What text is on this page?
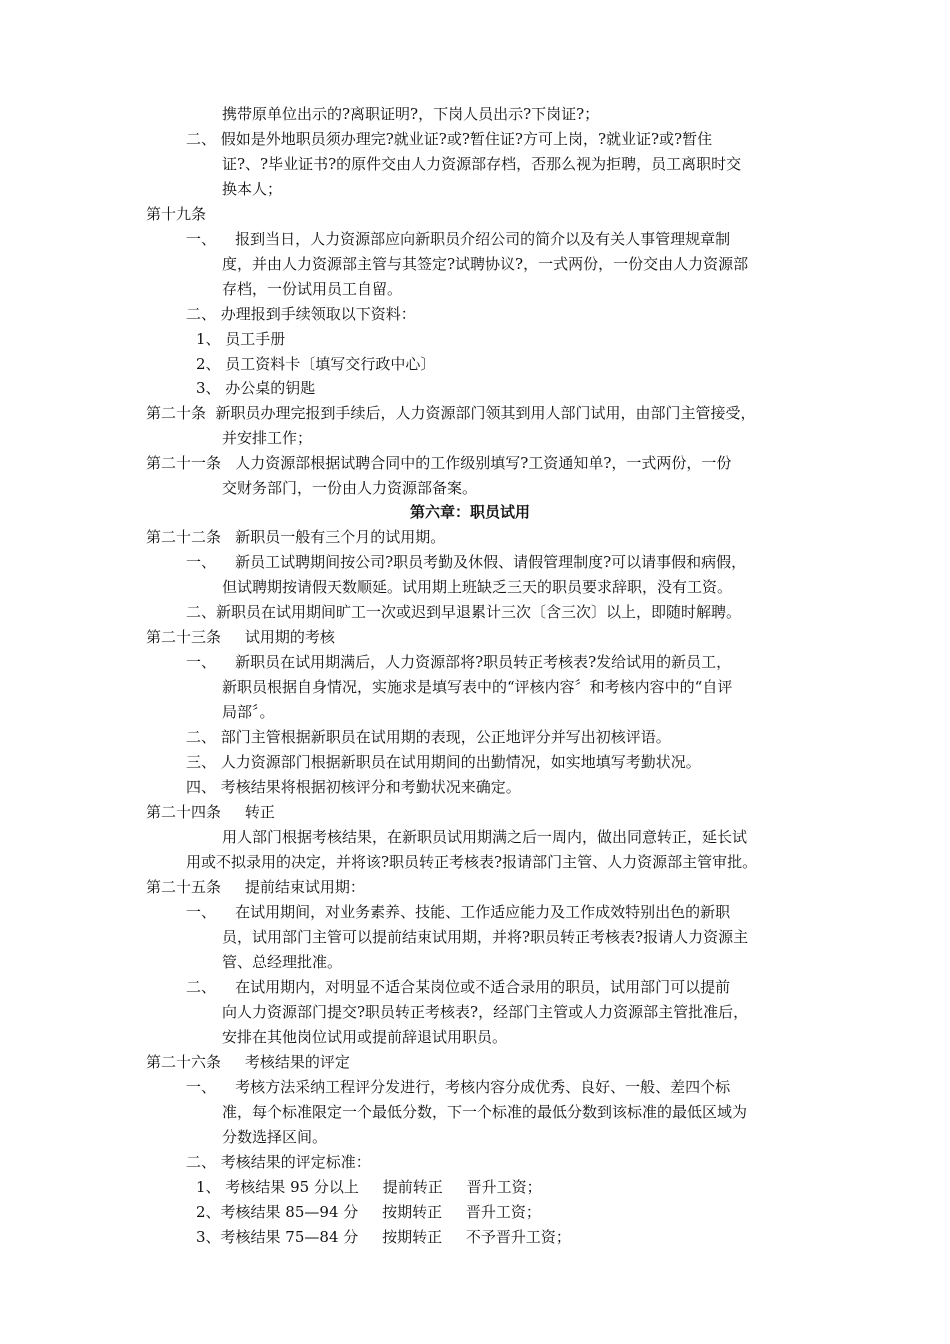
携带原单位出示的?离职证明?，下岗人员出示?下岗证?；
二、 假如是外地职员须办理完?就业证?或?暂住证?方可上岗，?就业证?或?暂住
证?、?毕业证书?的原件交由人力资源部存档，否那么视为拒聘，员工离职时交
换本人；
第十九条
一、    报到当日，人力资源部应向新职员介绍公司的简介以及有关人事管理规章制
度，并由人力资源部主管与其签定?试聘协议?，一式两份，一份交由人力资源部
存档，一份试用员工自留。
二、 办理报到手续领取以下资料：
1、 员工手册
2、 员工资料卡〔填写交行政中心〕
3、 办公桌的钥匙
第二十条  新职员办理完报到手续后，人力资源部门领其到用人部门试用，由部门主管接受，
并安排工作；
第二十一条   人力资源部根据试聘合同中的工作级别填写?工资通知单?，一式两份，一份
交财务部门，一份由人力资源部备案。
第六章：职员试用
第二十二条   新职员一般有三个月的试用期。
一、    新员工试聘期间按公司?职员考勤及休假、请假管理制度?可以请事假和病假，
但试聘期按请假天数顺延。试用期上班缺乏三天的职员要求辞职，没有工资。
二、新职员在试用期间旷工一次或迟到早退累计三次〔含三次〕以上，即随时解聘。
第二十三条     试用期的考核
一、    新职员在试用期满后，人力资源部将?职员转正考核表?发给试用的新员工，
新职员根据自身情况，实施求是填写表中的“评核内容〞和考核内容中的“自评
局部〞。
二、 部门主管根据新职员在试用期的表现，公正地评分并写出初核评语。
三、 人力资源部门根据新职员在试用期间的出勤情况，如实地填写考勤状况。
四、 考核结果将根据初核评分和考勤状况来确定。
第二十四条     转正
用人部门根据考核结果，在新职员试用期满之后一周内，做出同意转正，延长试
用或不拟录用的决定，并将该?职员转正考核表?报请部门主管、人力资源部主管审批。
第二十五条     提前结束试用期：
一、    在试用期间，对业务素养、技能、工作适应能力及工作成效特别出色的新职
员，试用部门主管可以提前结束试用期，并将?职员转正考核表?报请人力资源主
管、总经理批准。
二、    在试用期内，对明显不适合某岗位或不适合录用的职员，试用部门可以提前
向人力资源部门提交?职员转正考核表?，经部门主管或人力资源部主管批准后，
安排在其他岗位试用或提前辞退试用职员。
第二十六条     考核结果的评定
一、    考核方法采纳工程评分发进行，考核内容分成优秀、良好、一般、差四个标
准，每个标准限定一个最低分数，下一个标准的最低分数到该标准的最低区域为
分数选择区间。
二、 考核结果的评定标准：
1、 考核结果 95 分以上     提前转正     晋升工资；
2、考核结果 85—94 分     按期转正     晋升工资；
3、考核结果 75—84 分     按期转正     不予晋升工资；
